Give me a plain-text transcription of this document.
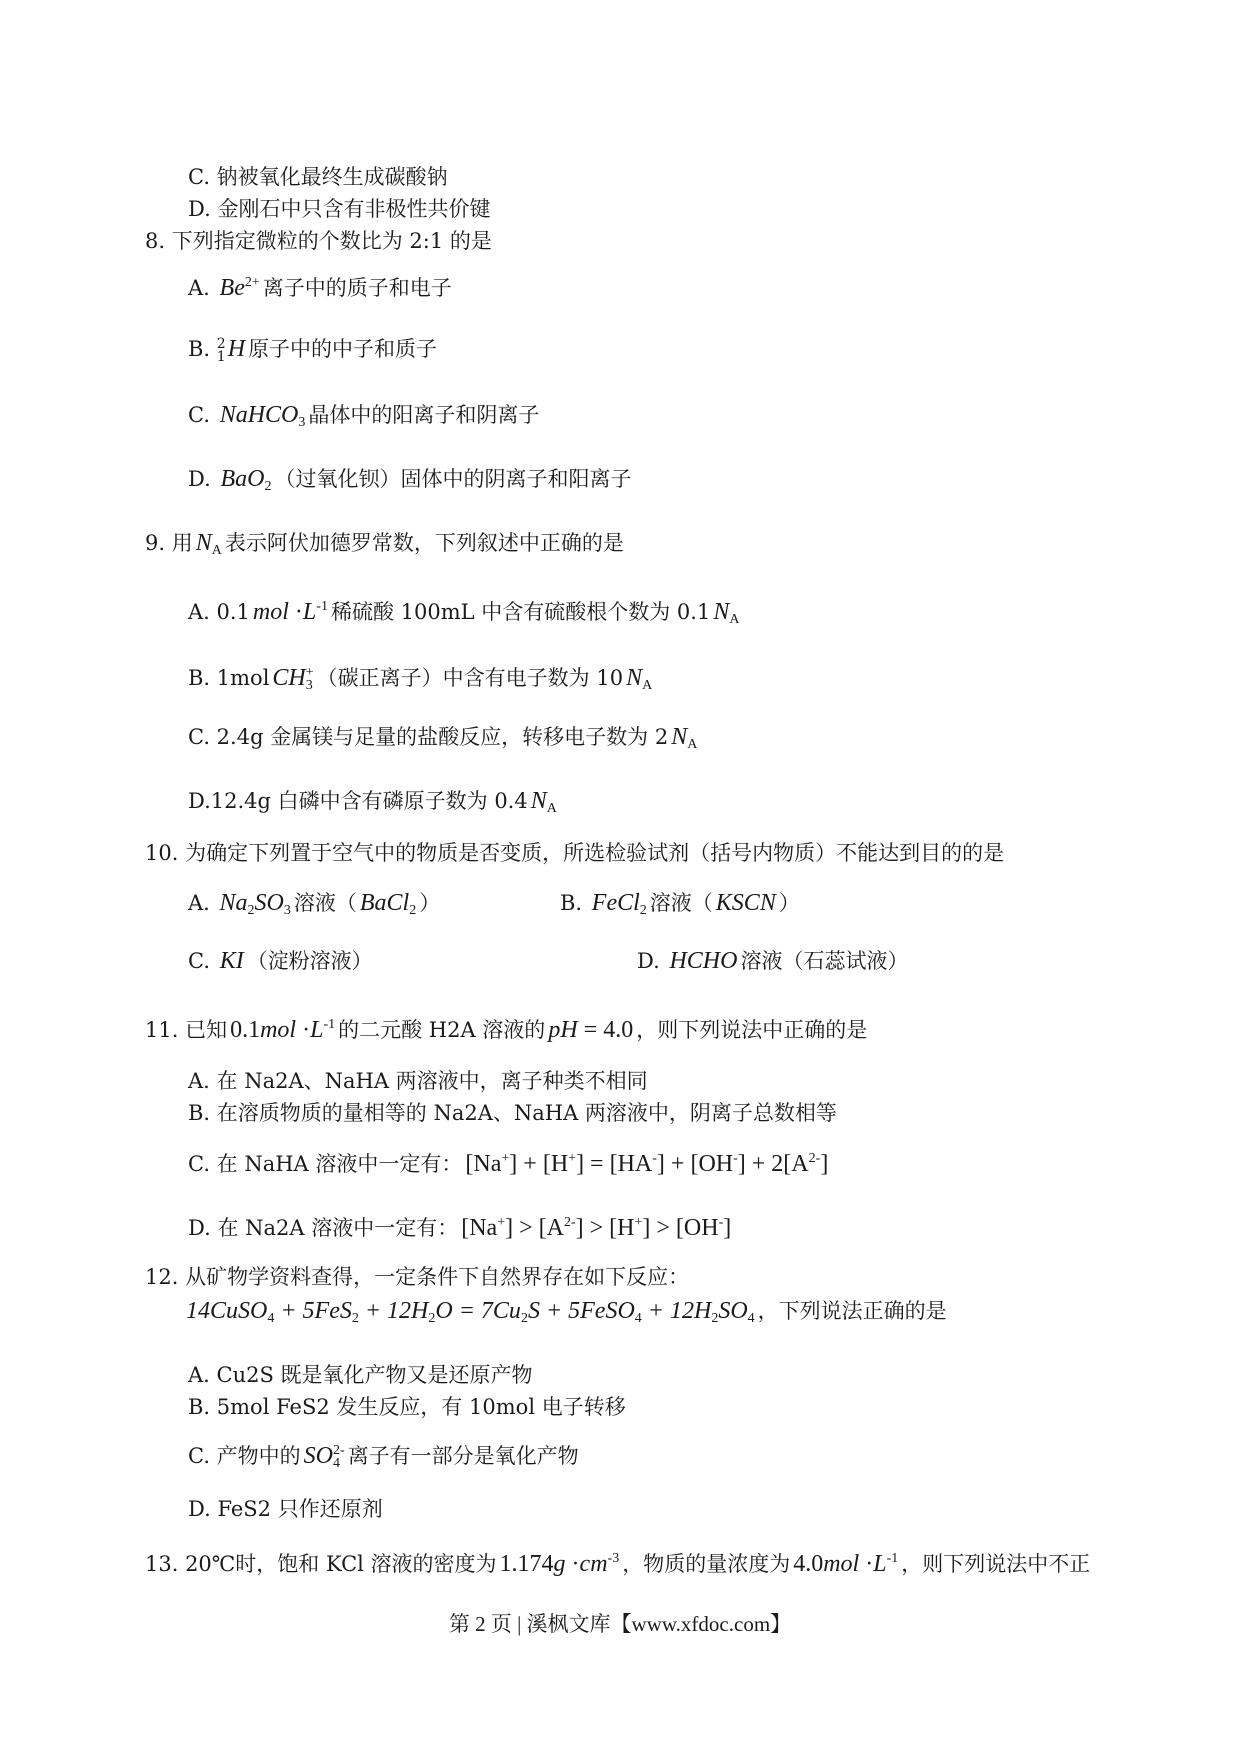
C. 钠被氧化最终生成碳酸钠
D. 金刚石中只含有非极性共价键
8. 下列指定微粒的个数比为 2:1 的是
A. $Be^{2+}$ 离子中的质子和电子
B. 2
1H 原子中的中子和质子
C. NaHCO$_3$ 晶体中的阳离子和阴离子
D. BaO$_2$ （过氧化钡）固体中的阴离子和阳离子
9. 用 $N_A$ 表示阿伏加德罗常数，下列叙述中正确的是
A. 0.1 mol $\cdot L^{-1}$ 稀硫酸 100mL 中含有硫酸根个数为 0.1 $N_A$
B. 1mol $CH_3^+$ （碳正离子）中含有电子数为 10 $N_A$
C. 2.4g 金属镁与足量的盐酸反应，转移电子数为 2 $N_A$
D.12.4g 白磷中含有磷原子数为 0.4 $N_A$
10. 为确定下列置于空气中的物质是否变质，所选检验试剂（括号内物质）不能达到目的的是
A. $Na_2SO_3$ 溶液（ BaCl$_2$ ）	B. FeCl$_2$ 溶液（ KSCN ）
C. KI （淀粉溶液）	D. HCHO 溶液（石蕊试液）
11. 已知 $0.1mol \cdot L^{-1}$ 的二元酸 H2A 溶液的 pH = 4.0 ，则下列说法中正确的是
A. 在 Na2A、NaHA 两溶液中，离子种类不相同
B. 在溶质物质的量相等的 Na2A、NaHA 两溶液中，阴离子总数相等
C. 在 NaHA 溶液中一定有： $[Na^+] + [H^+] = [HA^-] + [OH^-] + 2[A^{2-}]$
D. 在 Na2A 溶液中一定有： $[Na^+] > [A^{2-}] > [H^+] > [OH^-]$
12. 从矿物学资料查得，一定条件下自然界存在如下反应：
14CuSO$_4$ + $5FeS_2 + 12H_2O = 7Cu_2S$ + 5FeSO$_4$ + $12H_2SO_4$ ，下列说法正确的是
A. Cu2S 既是氧化产物又是还原产物
B. 5mol FeS2 发生反应，有 10mol 电子转移
C. 产物中的 $SO_4^{2-}$ 离子有一部分是氧化产物
D. FeS2 只作还原剂
13. 20℃时，饱和 KCl 溶液的密度为 $1.174g \cdot cm^{-3}$ ，物质的量浓度为 $4.0mol \cdot L^{-1}$ ，则下列说法中不正
第 2 页 | 溪枫文库【www.xfdoc.com】
